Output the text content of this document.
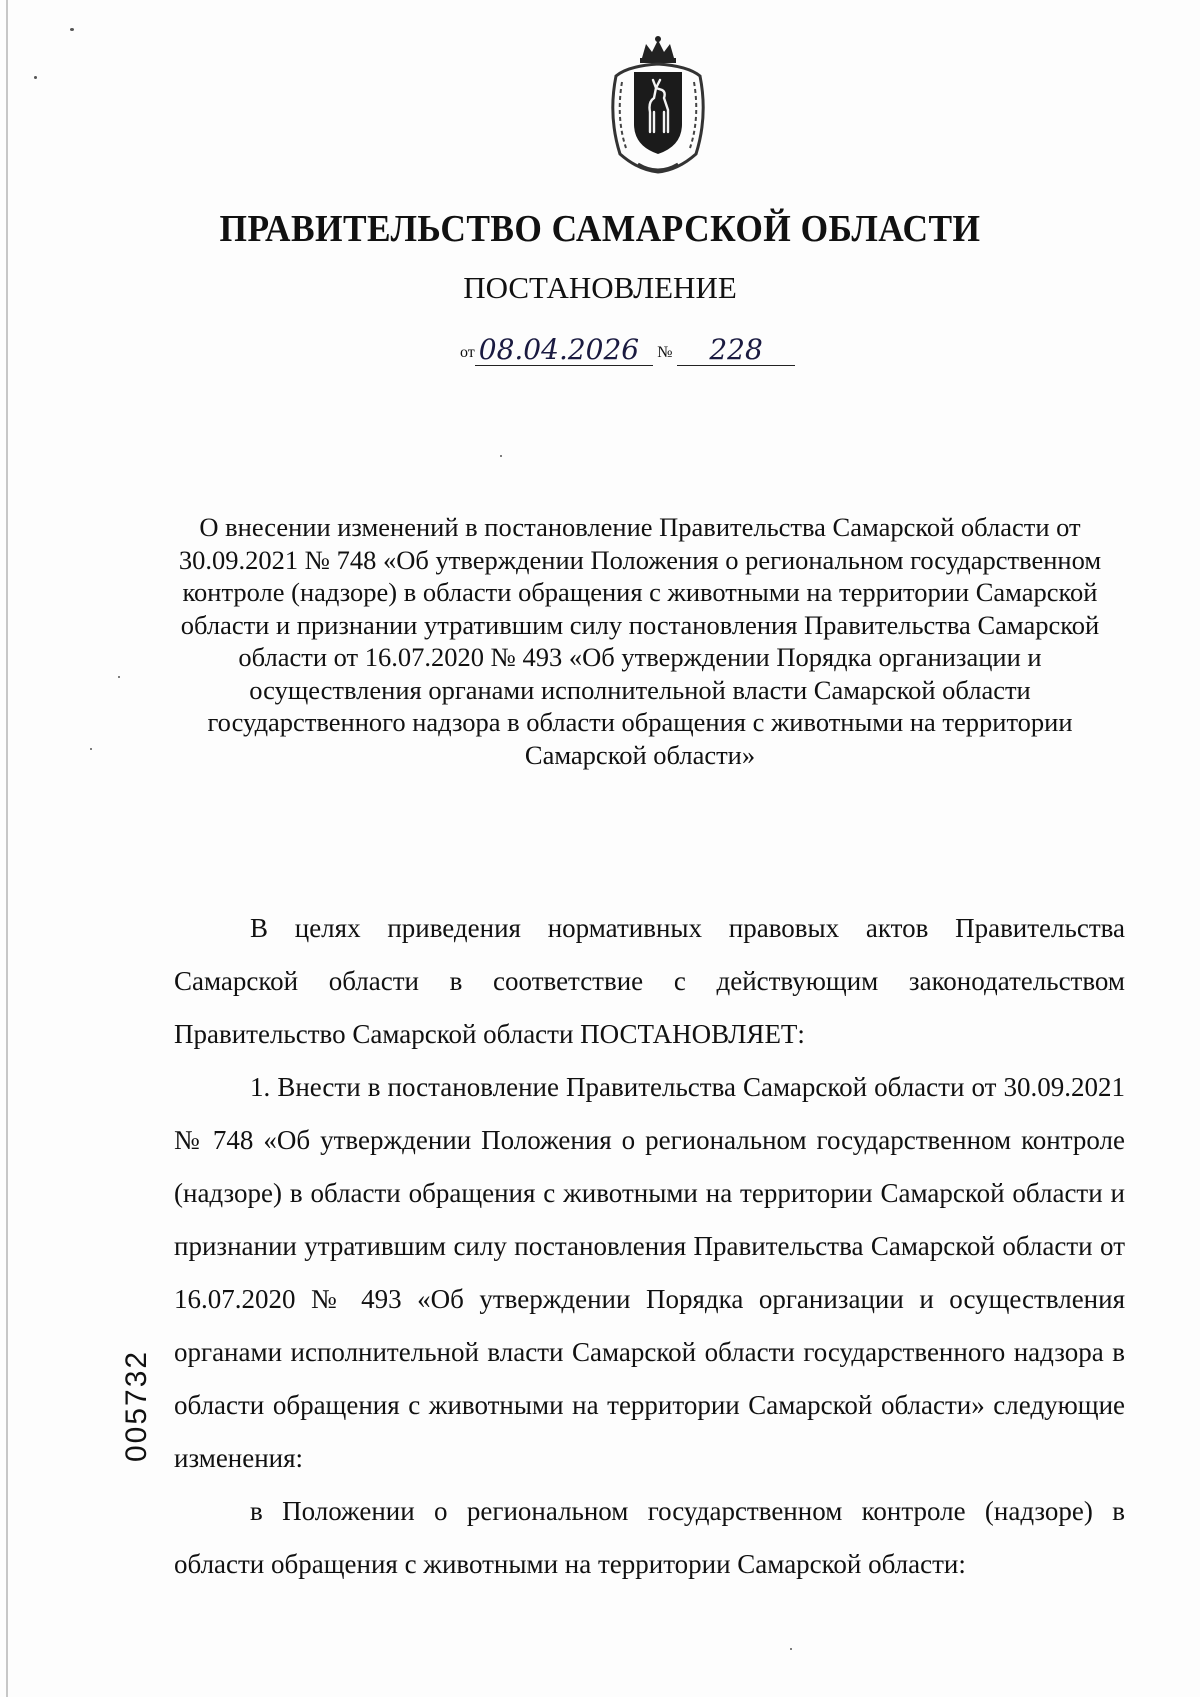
ПРАВИТЕЛЬСТВО САМАРСКОЙ ОБЛАСТИ
ПОСТАНОВЛЕНИЕ
от 08.04.2026 № 228
О внесении изменений в постановление Правительства Самарской области от 30.09.2021 № 748 «Об утверждении Положения о региональном государственном контроле (надзоре) в области обращения с животными на территории Самарской области и признании утратившим силу постановления Правительства Самарской области от 16.07.2020 № 493 «Об утверждении Порядка организации и осуществления органами исполнительной власти Самарской области государственного надзора в области обращения с животными на территории Самарской области»

В целях приведения нормативных правовых актов Правительства Самарской области в соответствие с действующим законодательством Правительство Самарской области ПОСТАНОВЛЯЕТ:

1. Внести в постановление Правительства Самарской области от 30.09.2021 № 748 «Об утверждении Положения о региональном государственном контроле (надзоре) в области обращения с животными на территории Самарской области и признании утратившим силу постановления Правительства Самарской области от 16.07.2020 № 493 «Об утверждении Порядка организации и осуществления органами исполнительной власти Самарской области государственного надзора в области обращения с животными на территории Самарской области» следующие изменения:

в Положении о региональном государственном контроле (надзоре) в области обращения с животными на территории Самарской области:

005732
